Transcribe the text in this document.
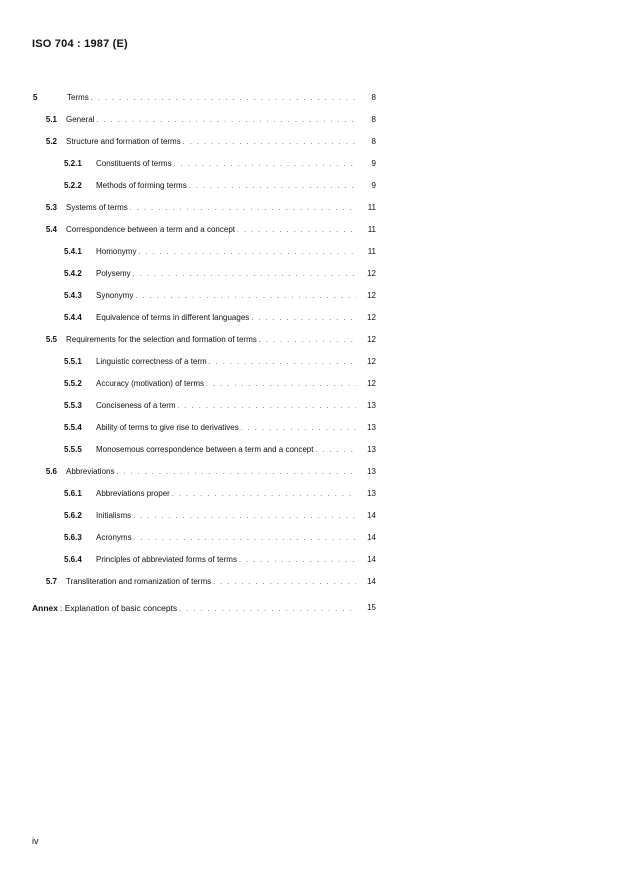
ISO 704 : 1987 (E)
5	Terms . . .	8
5.1 General . . .	8
5.2 Structure and formation of terms . . .	8
5.2.1	Constituents of terms . . .	9
5.2.2	Methods of forming terms . . .	9
5.3 Systems of terms . . .	11
5.4 Correspondence between a term and a concept . . .	11
5.4.1	Homonymy . . .	11
5.4.2	Polysemy . . .	12
5.4.3	Synonymy . . .	12
5.4.4	Equivalence of terms in different languages . . .	12
5.5 Requirements for the selection and formation of terms . . .	12
5.5.1	Linguistic correctness of a term . . .	12
5.5.2	Accuracy (motivation) of terms . . .	12
5.5.3	Conciseness of a term . . .	13
5.5.4	Ability of terms to give rise to derivatives . . .	13
5.5.5	Monosemous correspondence between a term and a concept . . .	13
5.6 Abbreviations . . .	13
5.6.1	Abbreviations proper . . .	13
5.6.2	Initialisms . . .	14
5.6.3	Acronyms . . .	14
5.6.4	Principles of abbreviated forms of terms . . .	14
5.7 Transliteration and romanization of terms . . .	14
Annex : Explanation of basic concepts . . .	15
iv
